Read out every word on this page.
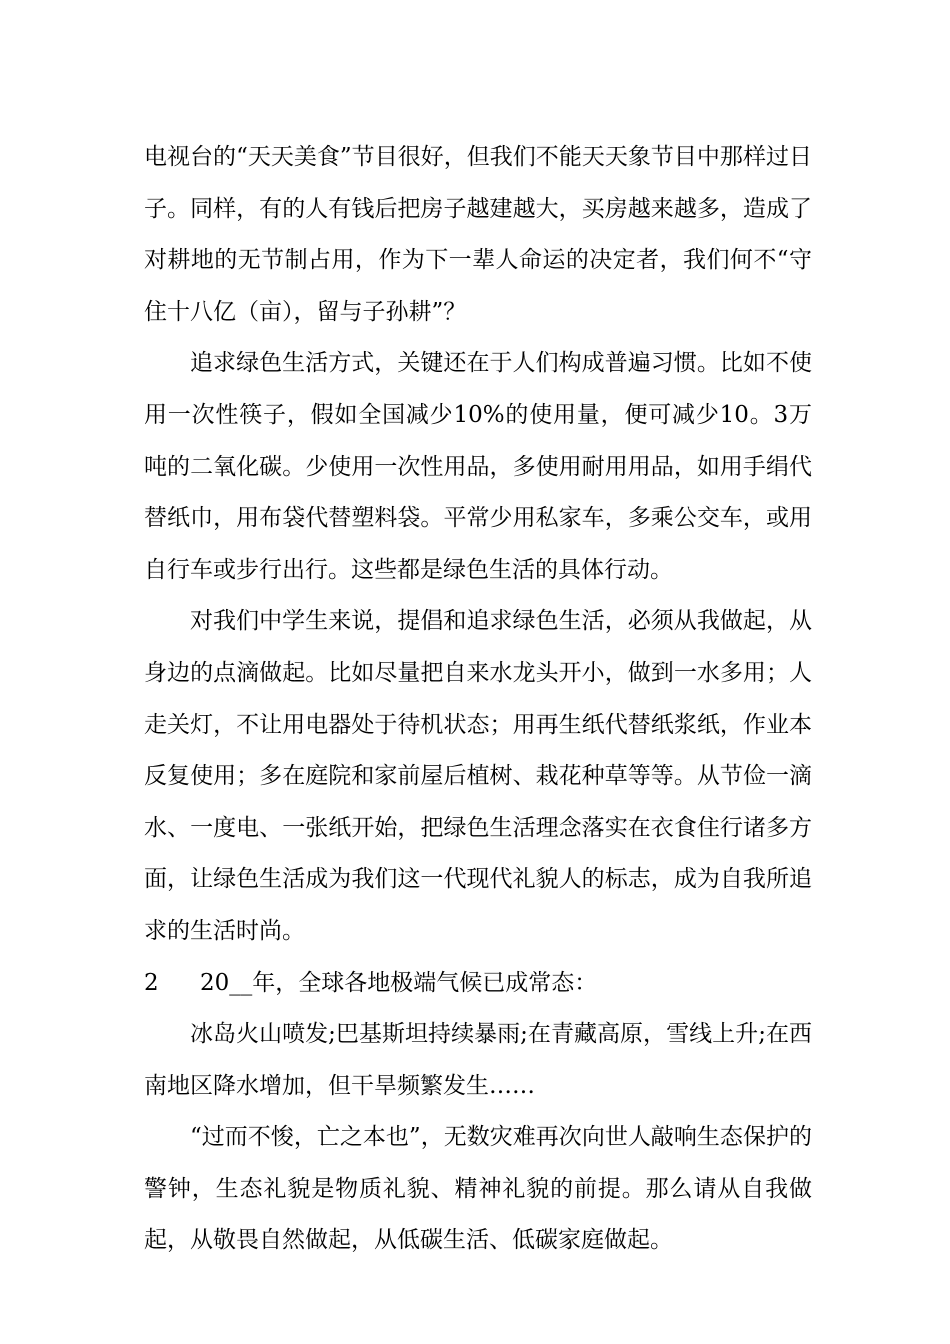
电视台的“天天美食”节目很好，但我们不能天天象节目中那样过日子。同样，有的人有钱后把房子越建越大，买房越来越多，造成了对耕地的无节制占用，作为下一辈人命运的决定者，我们何不“守住十八亿（亩），留与子孙耕”？

追求绿色生活方式，关键还在于人们构成普遍习惯。比如不使用一次性筷子，假如全国减少10%的使用量，便可减少10。3万吨的二氧化碳。少使用一次性用品，多使用耐用用品，如用手绢代替纸巾，用布袋代替塑料袋。平常少用私家车，多乘公交车，或用自行车或步行出行。这些都是绿色生活的具体行动。

对我们中学生来说，提倡和追求绿色生活，必须从我做起，从身边的点滴做起。比如尽量把自来水龙头开小，做到一水多用；人走关灯，不让用电器处于待机状态；用再生纸代替纸浆纸，作业本反复使用；多在庭院和家前屋后植树、栽花种草等等。从节俭一滴水、一度电、一张纸开始，把绿色生活理念落实在衣食住行诸多方面，让绿色生活成为我们这一代现代礼貌人的标志，成为自我所追求的生活时尚。

2	20__年，全球各地极端气候已成常态：

冰岛火山喷发;巴基斯坦持续暴雨;在青藏高原，雪线上升;在西南地区降水增加，但干旱频繁发生……

“过而不悛，亡之本也”，无数灾难再次向世人敲响生态保护的警钟，生态礼貌是物质礼貌、精神礼貌的前提。那么请从自我做起，从敬畏自然做起，从低碳生活、低碳家庭做起。
